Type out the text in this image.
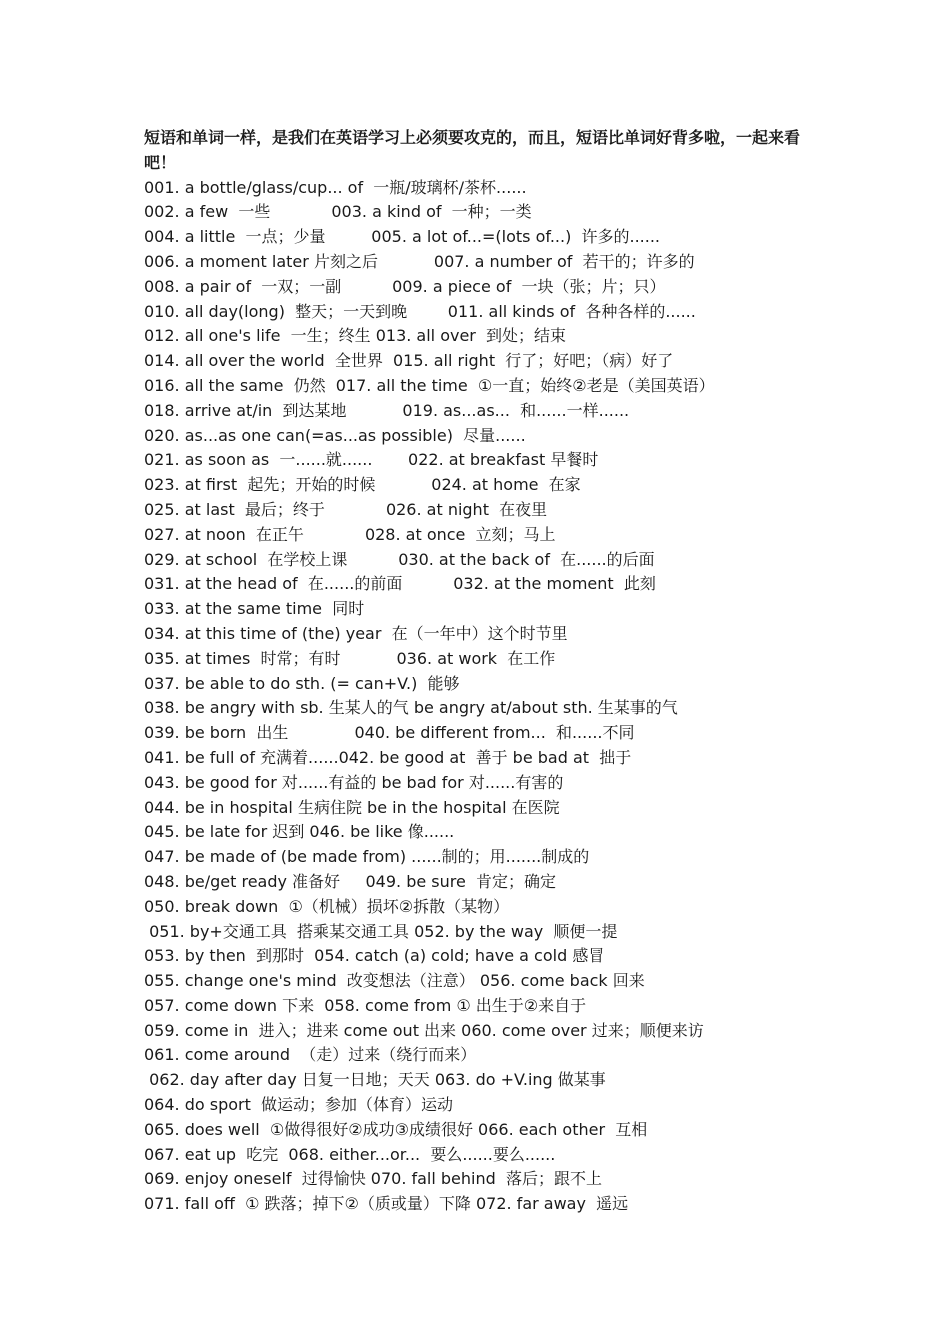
短语和单词一样，是我们在英语学习上必须要攻克的，而且，短语比单词好背多啦，一起来看吧！

001. a bottle/glass/cup... of  一瓶/玻璃杯/茶杯......

002. a few  一些            003. a kind of  一种；一类

004. a little  一点；少量         005. a lot of...=(lots of...)  许多的......

006. a moment later 片刻之后           007. a number of  若干的；许多的

008. a pair of  一双；一副          009. a piece of  一块（张；片；只）

010. all day(long)  整天；一天到晚        011. all kinds of  各种各样的......

012. all one's life  一生；终生 013. all over  到处；结束

014. all over the world  全世界  015. all right  行了；好吧；（病）好了

016. all the same  仍然  017. all the time  ①一直；始终②老是（美国英语）

018. arrive at/in  到达某地           019. as...as...  和......一样......

020. as...as one can(=as...as possible)  尽量......

021. as soon as  一......就......       022. at breakfast 早餐时

023. at first  起先；开始的时候           024. at home  在家

025. at last  最后；终于            026. at night  在夜里

027. at noon  在正午            028. at once  立刻；马上

029. at school  在学校上课          030. at the back of  在......的后面

031. at the head of  在......的前面          032. at the moment  此刻

033. at the same time  同时

034. at this time of (the) year  在（一年中）这个时节里

035. at times  时常；有时           036. at work  在工作

037. be able to do sth. (= can+V.)  能够

038. be angry with sb. 生某人的气 be angry at/about sth. 生某事的气

039. be born  出生             040. be different from...  和......不同

041. be full of 充满着......042. be good at  善于 be bad at  拙于

043. be good for 对......有益的 be bad for 对......有害的

044. be in hospital 生病住院 be in the hospital 在医院

045. be late for 迟到 046. be like 像......

047. be made of (be made from) ......制的；用.......制成的

048. be/get ready 准备好     049. be sure  肯定；确定

050. break down  ①（机械）损坏②拆散（某物）

051. by+交通工具  搭乘某交通工具 052. by the way  顺便一提

053. by then  到那时  054. catch (a) cold; have a cold 感冒

055. change one's mind  改变想法（注意） 056. come back 回来

057. come down 下来  058. come from ① 出生于②来自于

059. come in  进入；进来 come out 出来 060. come over 过来；顺便来访

061. come around  （走）过来（绕行而来）

062. day after day 日复一日地；天天 063. do +V.ing 做某事

064. do sport  做运动；参加（体育）运动

065. does well  ①做得很好②成功③成绩很好 066. each other  互相

067. eat up  吃完  068. either...or...  要么......要么......

069. enjoy oneself  过得愉快 070. fall behind  落后；跟不上

071. fall off  ① 跌落；掉下②（质或量）下降 072. far away  遥远
